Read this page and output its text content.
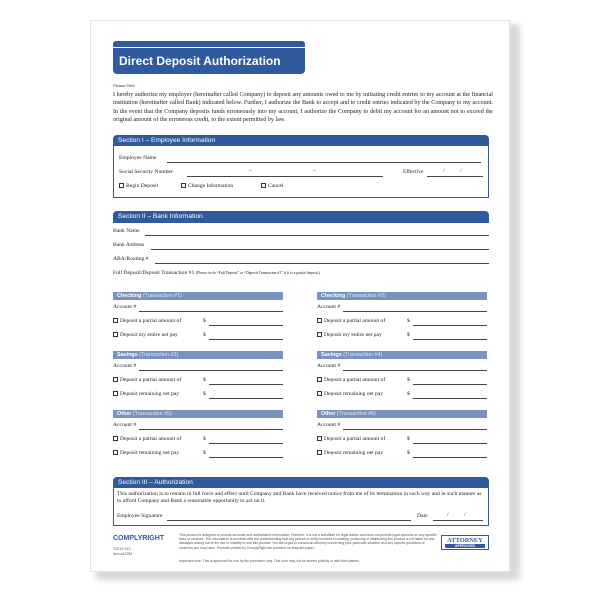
Direct Deposit Authorization
Please Print
I hereby authorize my employer (hereinafter called Company) to deposit any amounts owed to me by initiating credit entries to my account at the financial institution (hereinafter called Bank) indicated below. Further, I authorize the Bank to accept and to credit entries indicated by the Company to my account. In the event that the Company deposits funds erroneously into my account, I authorize the Company to debit my account for an amount not to exceed the original amount of the erroneous credit, to the extent permitted by law.
Section I – Employee Information
Employee Name
Social Security Number	–	–	Effective	/	/
Begin Deposit	Change Information	Cancel
Section II – Bank Information
Bank Name
Bank Address
ABA/Routing #
Full Deposit/Deposit Transaction #1 (Please circle “Full Deposit” or “Deposit Transaction #1” if it is a partial deposit.)
Checking (Transaction #1)
Account #
Deposit a partial amount of	$
Deposit my entire net pay	$
Checking (Transaction #2)
Account #
Deposit a partial amount of	$
Deposit my entire net pay	$
Savings (Transaction #3)
Account #
Deposit a partial amount of	$
Deposit remaining net pay	$
Savings (Transaction #4)
Account #
Deposit a partial amount of	$
Deposit remaining net pay	$
Other (Transaction #5)
Account #
Deposit a partial amount of	$
Deposit remaining net pay	$
Other (Transaction #6)
Account #
Deposit a partial amount of	$
Deposit remaining net pay	$
Section III – Authorization
This authorization is to remain in full force and effect until Company and Bank have received notice from me of its termination in such way and in such manner as to afford Company and Bank a reasonable opportunity to act on it.
Employee Signature	Date	/	/
COMPLYRIGHT
©2013 XXX
Item #A2254
This product is designed to provide accurate and authoritative information. However, it is not a substitute for legal advice and does not provide legal opinions on any specific facts or services. The information is provided with the understanding that any person or entity involved in creating, producing or distributing this product is not liable for any damages arising out of the use or inability to use this product. You are urged to consult an attorney concerning your particular situation and any specific questions or concerns you may have. Products printed by ComplyRight are provided on recycled paper.
Important note: This is approved for use by the purchaser only. This form may not be shared publicly or with third parties.
ATTORNEY
APPROVED
